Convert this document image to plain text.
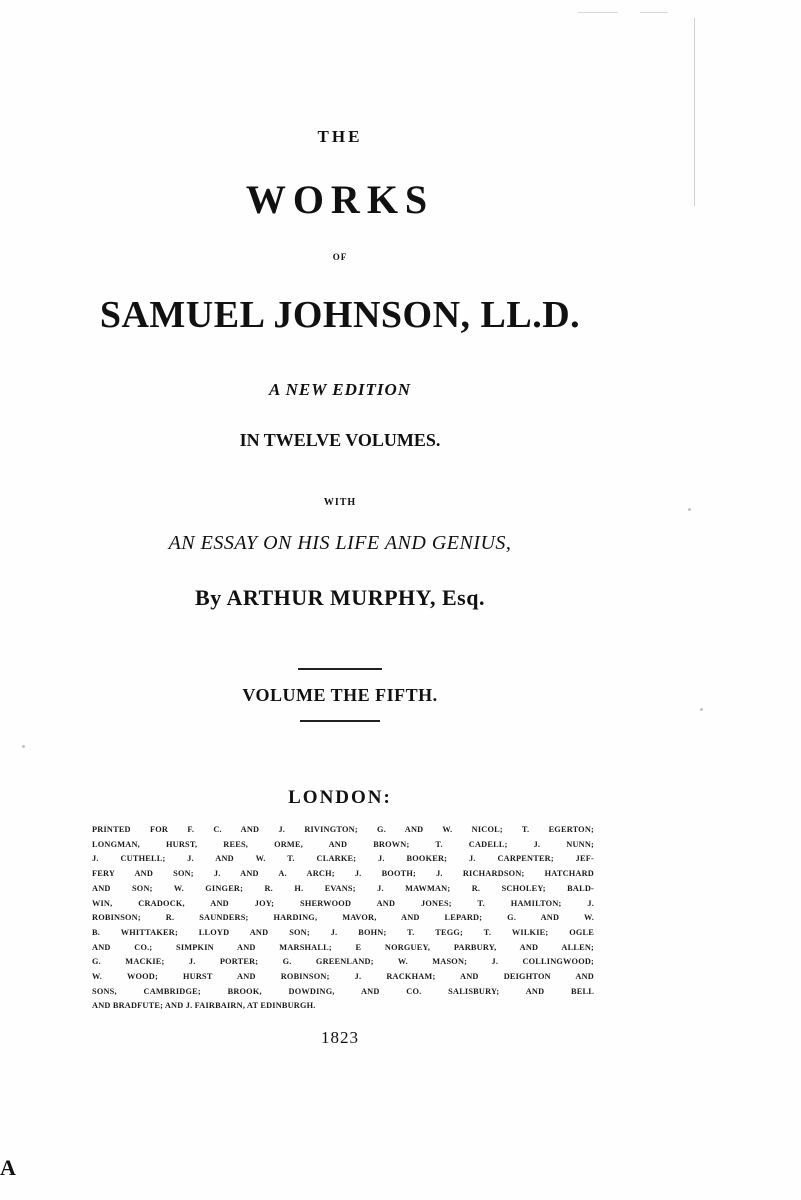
THE
WORKS
OF
SAMUEL JOHNSON, LL.D.
A NEW EDITION
IN TWELVE VOLUMES.
WITH
AN ESSAY ON HIS LIFE AND GENIUS,
By ARTHUR MURPHY, Esq.
VOLUME THE FIFTH.
LONDON:
PRINTED FOR F. C. AND J. RIVINGTON; G. AND W. NICOL; T. EGERTON;
LONGMAN, HURST, REES, ORME, AND BROWN; T. CADELL; J. NUNN;
J. CUTHELL; J. AND W. T. CLARKE; J. BOOKER; J. CARPENTER; JEF-
FERY AND SON; J. AND A. ARCH; J. BOOTH; J. RICHARDSON; HATCHARD
AND SON; W. GINGER; R. H. EVANS; J. MAWMAN; R. SCHOLEY; BALD-
WIN, CRADOCK, AND JOY; SHERWOOD AND JONES; T. HAMILTON; J.
ROBINSON; R. SAUNDERS; HARDING, MAVOR, AND LEPARD; G. AND W.
B. WHITTAKER; LLOYD AND SON; J. BOHN; T. TEGG; T. WILKIE; OGLE
AND CO.; SIMPKIN AND MARSHALL; E NORGUEY, PARBURY, AND ALLEN;
G. MACKIE; J. PORTER; G. GREENLAND; W. MASON; J. COLLINGWOOD;
W. WOOD; HURST AND ROBINSON; J. RACKHAM; AND DEIGHTON AND
SONS, CAMBRIDGE; BROOK, DOWDING, AND CO. SALISBURY; AND BELL
AND BRADFUTE; AND J. FAIRBAIRN, AT EDINBURGH.
1823
A
